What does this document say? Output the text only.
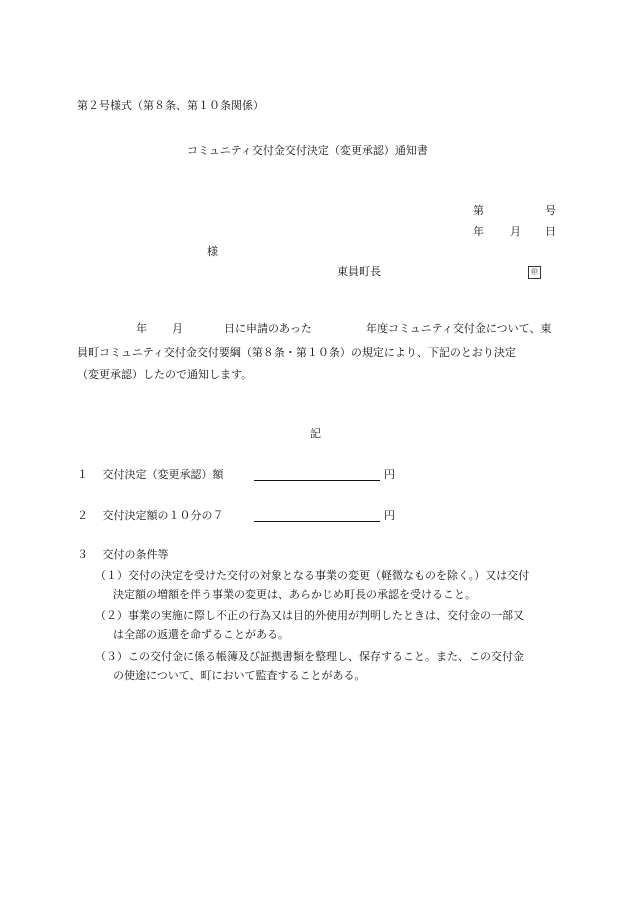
第２号様式（第８条、第１０条関係）
コミュニティ交付金交付決定（変更承認）通知書
第	号
年 月 日
様
東員町長	㊞
年 月	日に申請のあった	年度コミュニティ交付金について、東
員町コミュニティ交付金交付要綱（第８条・第１０条）の規定により、下記のとおり決定
（変更承認）したので通知します。
記
１　 交付決定（変更承認）額	円
２　 交付決定額の１０分の７	円
３　 交付の条件等
（１）交付の決定を受けた交付の対象となる事業の変更（軽微なものを除く。）又は交付
決定額の増額を伴う事業の変更は、あらかじめ町長の承認を受けること。
（２）事業の実施に際し不正の行為又は目的外使用が判明したときは、交付金の一部又
は全部の返還を命ずることがある。
（３）この交付金に係る帳簿及び証拠書類を整理し、保存すること。また、この交付金
の使途について、町において監査することがある。
